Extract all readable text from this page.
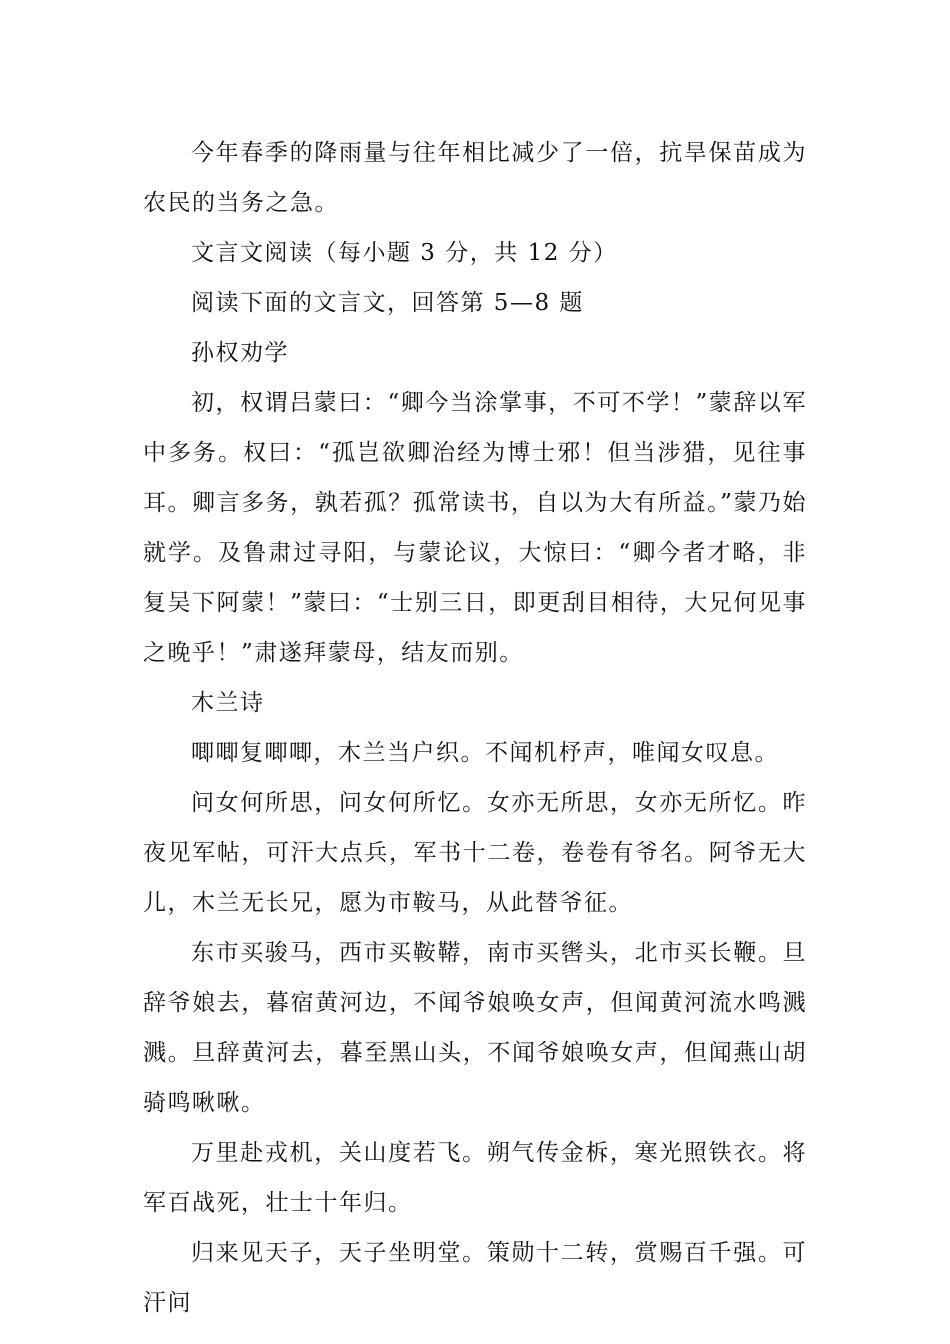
今年春季的降雨量与往年相比减少了一倍，抗旱保苗成为农民的当务之急。

文言文阅读（每小题 3 分，共 12 分）

阅读下面的文言文，回答第 5—8 题

孙权劝学

初，权谓吕蒙曰：“卿今当涂掌事，不可不学！”蒙辞以军中多务。权曰：“孤岂欲卿治经为博士邪！但当涉猎，见往事耳。卿言多务，孰若孤？孤常读书，自以为大有所益。”蒙乃始就学。及鲁肃过寻阳，与蒙论议，大惊曰：“卿今者才略，非复吴下阿蒙！”蒙曰：“士别三日，即更刮目相待，大兄何见事之晚乎！”肃遂拜蒙母，结友而别。

木兰诗

唧唧复唧唧，木兰当户织。不闻机杼声，唯闻女叹息。

问女何所思，问女何所忆。女亦无所思，女亦无所忆。昨夜见军帖，可汗大点兵，军书十二卷，卷卷有爷名。阿爷无大儿，木兰无长兄，愿为市鞍马，从此替爷征。

东市买骏马，西市买鞍鞯，南市买辔头，北市买长鞭。旦辞爷娘去，暮宿黄河边，不闻爷娘唤女声，但闻黄河流水鸣溅溅。旦辞黄河去，暮至黑山头，不闻爷娘唤女声，但闻燕山胡骑鸣啾啾。

万里赴戎机，关山度若飞。朔气传金柝，寒光照铁衣。将军百战死，壮士十年归。

归来见天子，天子坐明堂。策勋十二转，赏赐百千强。可汗问
